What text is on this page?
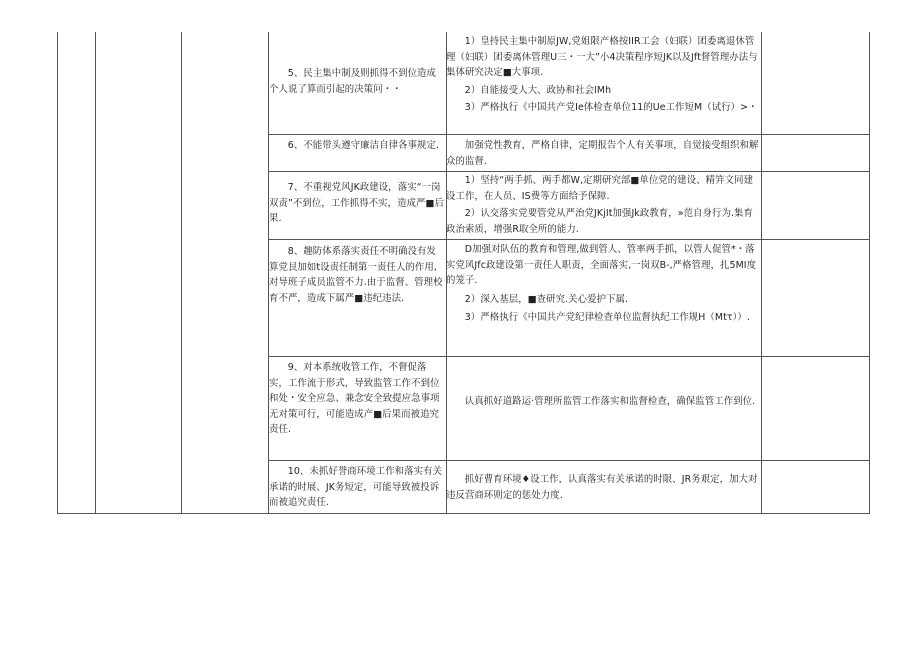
5、民主集中制及则抓得不到位造成个人说了算而引起的决策问・・

1）皇持民主集中制原JW,党姐限产格按IIR工会（妇联）团委离退休管理（妇联）团委离休管理U三・一大”小4决策程序短JK以及Jft督管理办法与集体研究决定■大事项.

2）自能接受人大、政协和社会IMh

3）严格执行《中国共产党Ie体检查单位11的Ue工作短M（试行）>・

6、不能带头遵守廉洁自律各事规定.	加强党性教育，严格自律，定期报告个人有关事项，自觉接受组织和解众的监督.

7、不重视党风JK政建设，落实“一岗双责”不到位，工作抓得不实，造成严■后果.

1）坚持“两手抓、两手都W,定期研究部■单位党的建设、精笄文同建设工作，在人员、IS费等方面给予保障.

2）认交落实党要管党从严治党JKjIt加强Jk政教育，»范自身行为.集育政治索质，增强R取全所的能力.

8、趣防体系落实责任不明确没有发算党艮加如t设责任制第一责任人的作用,对导班子成员监管不力.由于监督、管理校育不严，造成下属严■违纪违法.

D加强对队伍的教育和管理,做到管人、管率两手抓，以管人促管*・落实党风Jfc政建设第一责任人职责，全面落实,一岗双B-,严格管理，扎5MI度的笼子.

2）深入基层，■查研究.关心爱护下属.

3）严格执行《中国共产党纪律检查单位监督执纪工作规H（Mtτ））.

9、对本系统收管工作，不督促落实，工作流于形式，导致监管工作不到位和处・安全应急、兼念安全致提应急事项无对策可行，可能造成产■后果而被追究责任.

认真抓好道路运·管理所监管工作落实和监督检查，确保监管工作到位.

10、未抓好誉商环境工作和落实有关承诺的时展、JK务短定，可能导致被投诉而被追究责任.

抓好曹育环境♦设工作，认真落实有关承诺的时限、JR务艰定，加大对违反营商环则定的惩处力度.
